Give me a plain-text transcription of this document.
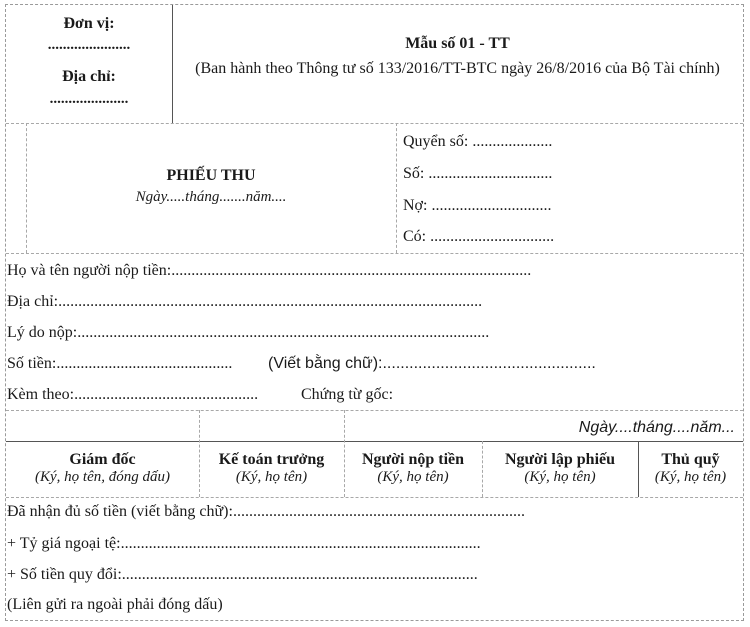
Đơn vị:
......................
Địa chỉ:
.....................
Mẫu số 01 - TT
(Ban hành theo Thông tư số 133/2016/TT-BTC ngày 26/8/2016 của Bộ Tài chính)
PHIẾU THU
Ngày.....tháng.......năm....
Quyển số: ....................
Số: ...............................
Nợ: ..............................
Có: ...............................
Họ và tên người nộp tiền:..........................................................................................
Địa chỉ:..........................................................................................................
Lý do nộp:.......................................................................................................
Số tiền:............................................ (Viết bằng chữ):................................................
Kèm theo:..............................................	Chứng từ gốc:
Ngày....tháng....năm...
Giám đốc
(Ký, họ tên, đóng dấu)
Kế toán trưởng
(Ký, họ tên)
Người nộp tiền
(Ký, họ tên)
Người lập phiếu
(Ký, họ tên)
Thủ quỹ
(Ký, họ tên)
Đã nhận đủ số tiền (viết bằng chữ):.........................................................................
+ Tỷ giá ngoại tệ:..........................................................................................
+ Số tiền quy đổi:.........................................................................................
(Liên gửi ra ngoài phải đóng dấu)
